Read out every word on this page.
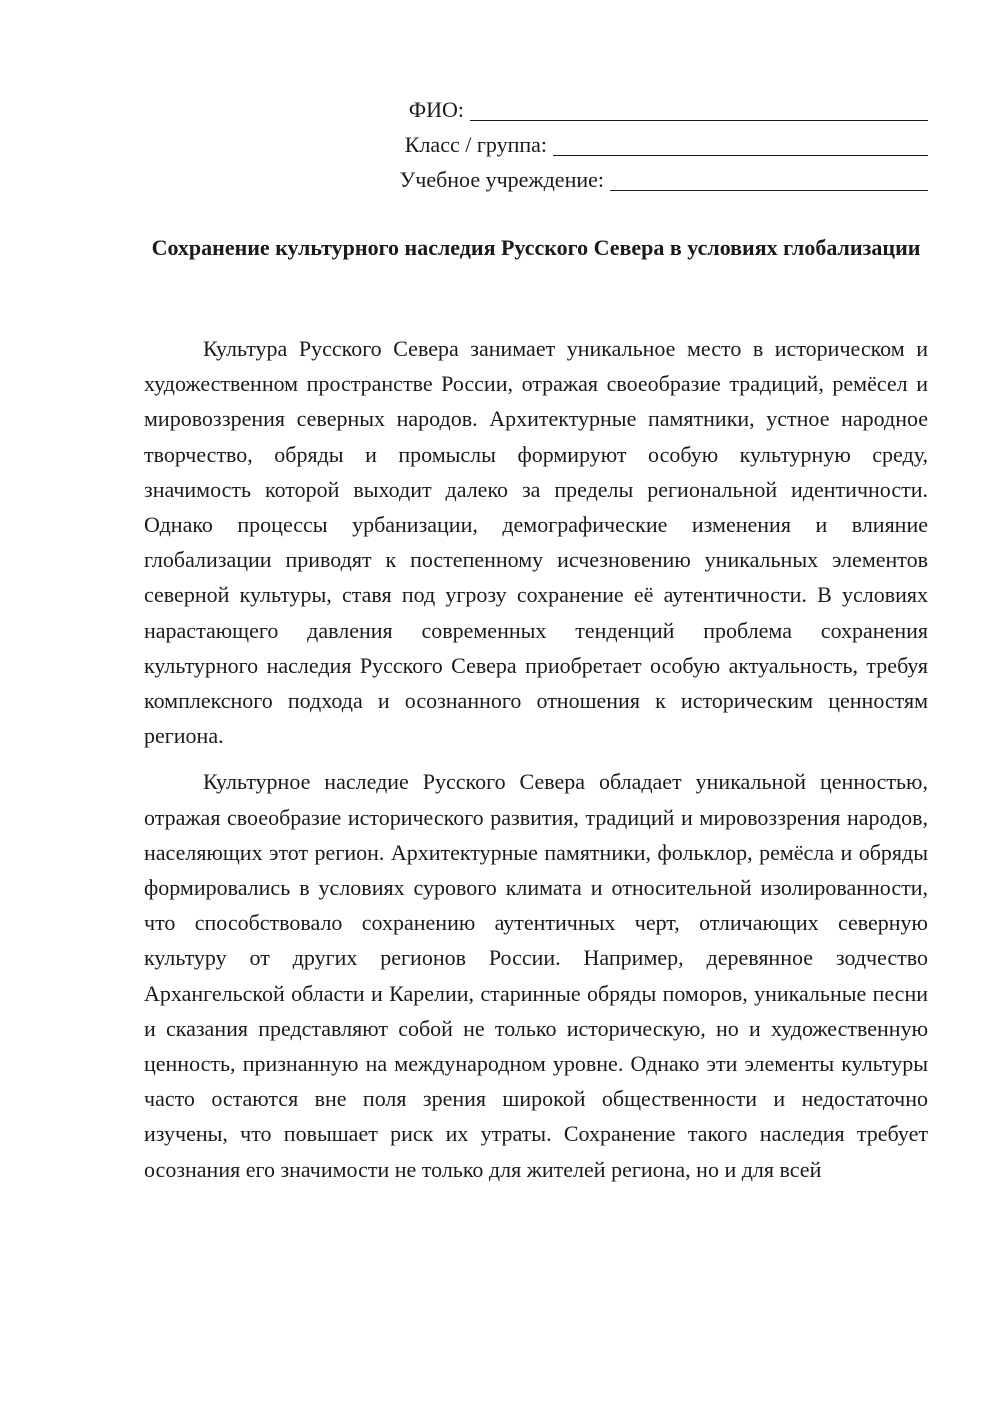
ФИО:
Класс / группа:
Учебное учреждение:
Сохранение культурного наследия Русского Севера в условиях глобализации

Культура Русского Севера занимает уникальное место в историческом и художественном пространстве России, отражая своеобразие традиций, ремёсел и мировоззрения северных народов. Архитектурные памятники, устное народное творчество, обряды и промыслы формируют особую культурную среду, значимость которой выходит далеко за пределы региональной идентичности. Однако процессы урбанизации, демографические изменения и влияние глобализации приводят к постепенному исчезновению уникальных элементов северной культуры, ставя под угрозу сохранение её аутентичности. В условиях нарастающего давления современных тенденций проблема сохранения культурного наследия Русского Севера приобретает особую актуальность, требуя комплексного подхода и осознанного отношения к историческим ценностям региона.

Культурное наследие Русского Севера обладает уникальной ценностью, отражая своеобразие исторического развития, традиций и мировоззрения народов, населяющих этот регион. Архитектурные памятники, фольклор, ремёсла и обряды формировались в условиях сурового климата и относительной изолированности, что способствовало сохранению аутентичных черт, отличающих северную культуру от других регионов России. Например, деревянное зодчество Архангельской области и Карелии, старинные обряды поморов, уникальные песни и сказания представляют собой не только историческую, но и художественную ценность, признанную на международном уровне. Однако эти элементы культуры часто остаются вне поля зрения широкой общественности и недостаточно изучены, что повышает риск их утраты. Сохранение такого наследия требует осознания его значимости не только для жителей региона, но и для всей
